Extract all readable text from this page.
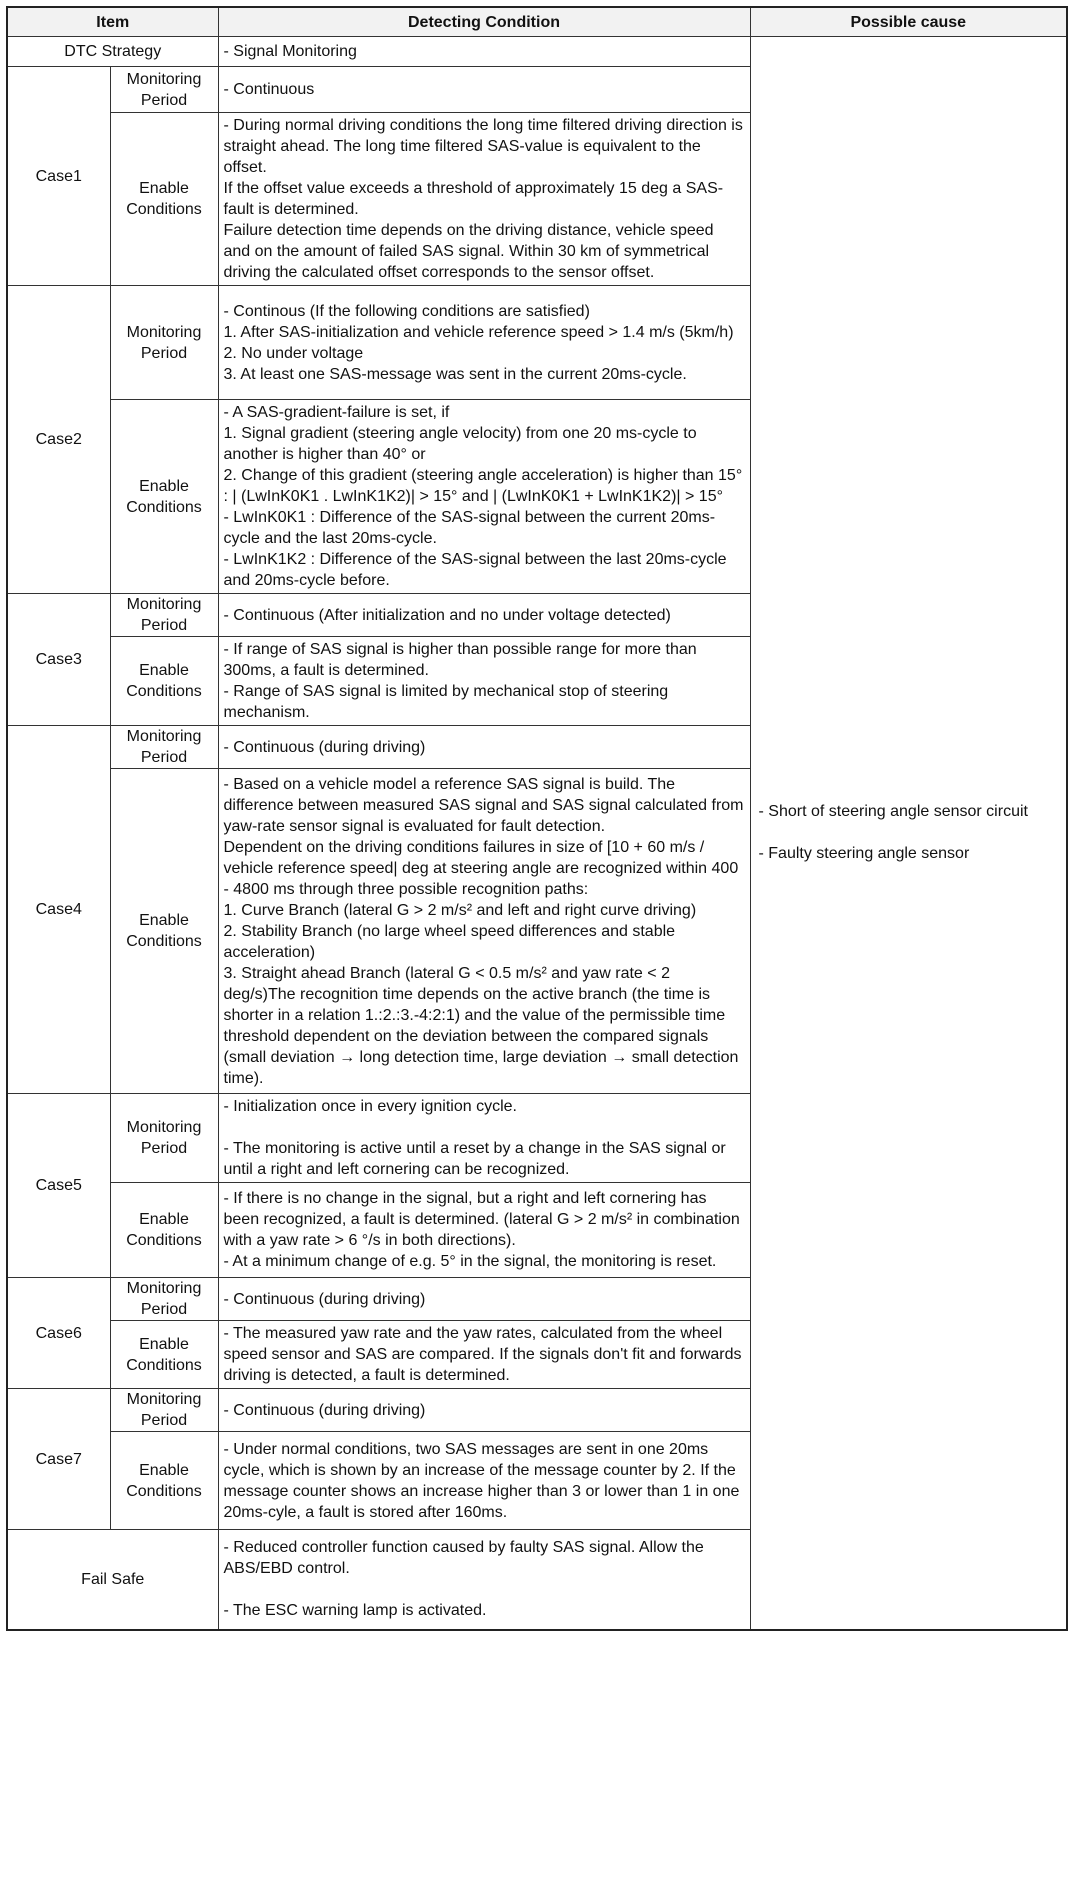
Item		Detecting Condition	Possible cause
DTC Strategy		- Signal Monitoring	- Short of steering angle sensor circuit
- Faulty steering angle sensor

Case1	Monitoring Period	- Continuous	

	Enable Conditions	- During normal driving conditions the long time filtered driving direction is straight ahead. The long time filtered SAS-value is equivalent to the offset.
If the offset value exceeds a threshold of approximately 15 deg a SAS-fault is determined.
Failure detection time depends on the driving distance, vehicle speed and on the amount of failed SAS signal. Within 30 km of symmetrical driving the calculated offset corresponds to the sensor offset.	

Case2	Monitoring Period	- Continous (If the following conditions are satisfied)
1. After SAS-initialization and vehicle reference speed > 1.4 m/s (5km/h)
2. No under voltage
3. At least one SAS-message was sent in the current 20ms-cycle.	

	Enable Conditions	- A SAS-gradient-failure is set, if
1. Signal gradient (steering angle velocity) from one 20 ms-cycle to another is higher than 40° or
2. Change of this gradient (steering angle acceleration) is higher than 15° : | (LwInK0K1 . LwInK1K2)| > 15° and | (LwInK0K1 + LwInK1K2)| > 15°
- LwInK0K1 : Difference of the SAS-signal between the current 20ms-cycle and the last 20ms-cycle.
- LwInK1K2 : Difference of the SAS-signal between the last 20ms-cycle and 20ms-cycle before.	

Case3	Monitoring Period	- Continuous (After initialization and no under voltage detected)	

	Enable Conditions	- If range of SAS signal is higher than possible range for more than 300ms, a fault is determined.
- Range of SAS signal is limited by mechanical stop of steering mechanism.	

Case4	Monitoring Period	- Continuous (during driving)	

	Enable Conditions	- Based on a vehicle model a reference SAS signal is build. The difference between measured SAS signal and SAS signal calculated from yaw-rate sensor signal is evaluated for fault detection.
Dependent on the driving conditions failures in size of [10 + 60 m/s / vehicle reference speed| deg at steering angle are recognized within 400 - 4800 ms through three possible recognition paths:
1. Curve Branch (lateral G > 2 m/s² and left and right curve driving)
2. Stability Branch (no large wheel speed differences and stable acceleration)
3. Straight ahead Branch (lateral G < 0.5 m/s² and yaw rate < 2 deg/s)The recognition time depends on the active branch (the time is shorter in a relation 1.:2.:3.-4:2:1) and the value of the permissible time threshold dependent on the deviation between the compared signals (small deviation → long detection time, large deviation → small detection time).	

Case5	Monitoring Period	- Initialization once in every ignition cycle.
- The monitoring is active until a reset by a change in the SAS signal or until a right and left cornering can be recognized.	

	Enable Conditions	- If there is no change in the signal, but a right and left cornering has been recognized, a fault is determined. (lateral G > 2 m/s² in combination with a yaw rate > 6 °/s in both directions).
- At a minimum change of e.g. 5° in the signal, the monitoring is reset.	

Case6	Monitoring Period	- Continuous (during driving)	

	Enable Conditions	- The measured yaw rate and the yaw rates, calculated from the wheel speed sensor and SAS are compared. If the signals don't fit and forwards driving is detected, a fault is determined.	

Case7	Monitoring Period	- Continuous (during driving)	

	Enable Conditions	- Under normal conditions, two SAS messages are sent in one 20ms cycle, which is shown by an increase of the message counter by 2. If the message counter shows an increase higher than 3 or lower than 1 in one 20ms-cyle, a fault is stored after 160ms.	

Fail Safe		- Reduced controller function caused by faulty SAS signal. Allow the ABS/EBD control.
- The ESC warning lamp is activated.	
